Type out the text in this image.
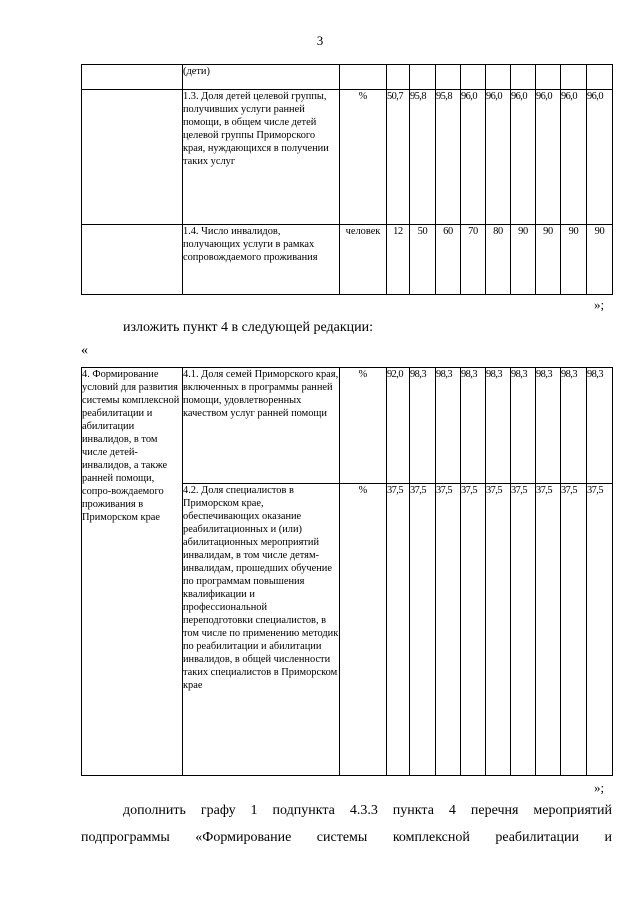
3
	(дети)										
	1.3. Доля детей целевой группы, получивших услуги ранней помощи, в общем числе детей целевой группы Приморского края, нуждающихся в получении таких услуг	%	50,7	95,8	95,8	96,0	96,0	96,0	96,0	96,0	96,0
	1.4. Число инвалидов, получающих услуги в рамках сопровождаемого проживания	человек	12	50	60	70	80	90	90	90	90
»;
изложить пункт 4 в следующей редакции:
«
4. Формирование условий для развития системы комплексной реабилитации и абилитации инвалидов, в том числе детей-инвалидов, а также ранней помощи, сопро-вождаемого проживания в Приморском крае	4.1. Доля семей Приморского края, включенных в программы ранней помощи, удовлетворенных качеством услуг ранней помощи	%	92,0	98,3	98,3	98,3	98,3	98,3	98,3	98,3	98,3
	4.2. Доля специалистов в Приморском крае, обеспечивающих оказание реабилитационных и (или) абилитационных мероприятий инвалидам, в том числе детям-инвалидам, прошедших обучение по программам повышения квалификации и профессиональной переподготовки специалистов, в том числе по применению методик по реабилитации и абилитации инвалидов, в общей численности таких специалистов в Приморском крае	%	37,5	37,5	37,5	37,5	37,5	37,5	37,5	37,5	37,5
»;
дополнить графу 1 подпункта 4.3.3 пункта 4 перечня мероприятий
подпрограммы «Формирование системы комплексной реабилитации и
